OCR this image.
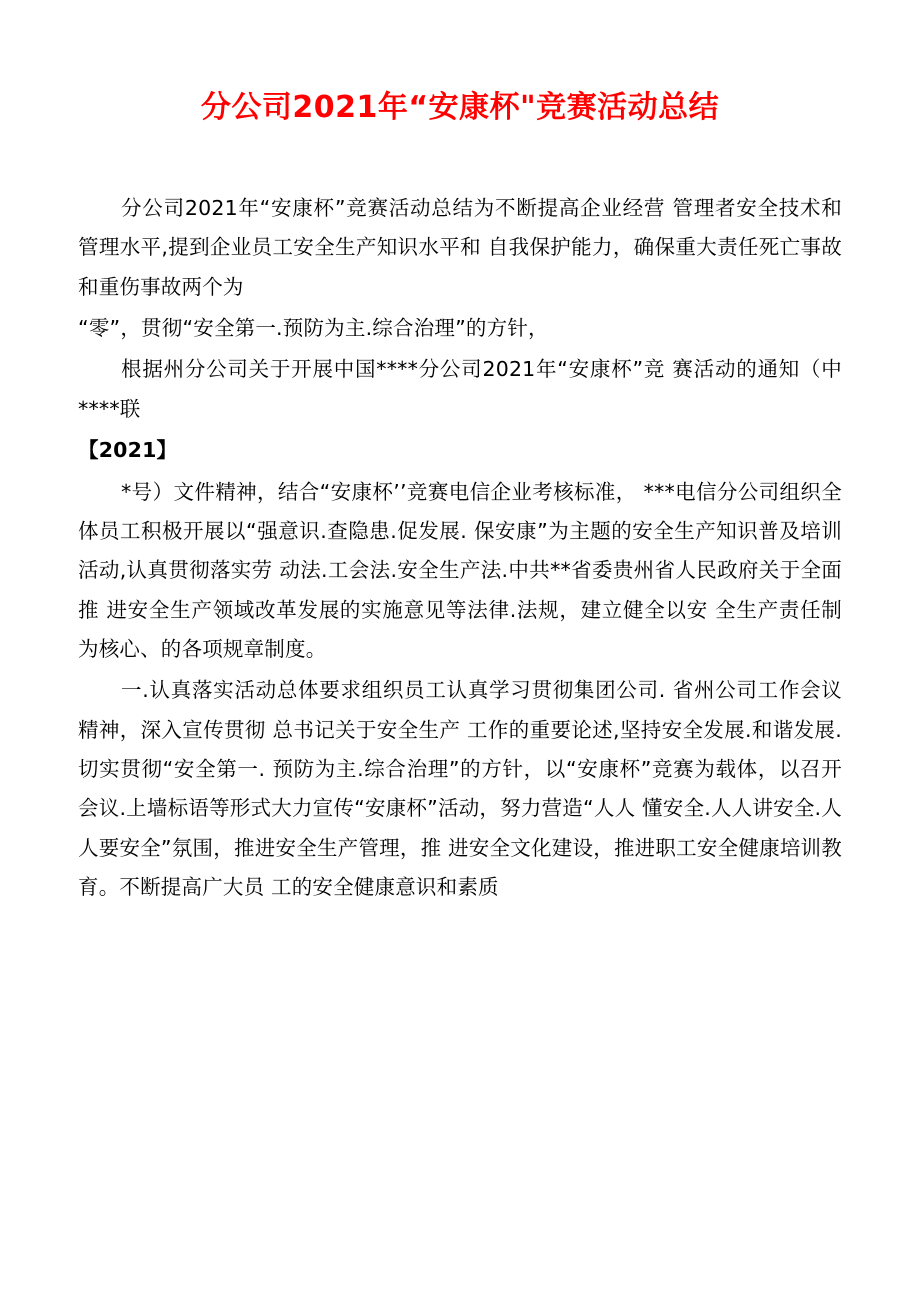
分公司2021年“安康杯"竞赛活动总结

分公司2021年“安康杯”竞赛活动总结为不断提高企业经营 管理者安全技术和管理水平,提到企业员工安全生产知识水平和 自我保护能力，确保重大责任死亡事故和重伤事故两个为

“零”，贯彻“安全第一.预防为主.综合治理”的方针，

根据州分公司关于开展中国****分公司2021年“安康杯”竞 赛活动的通知（中****联

【2021】

*号）文件精神，结合“安康杯’’竞赛电信企业考核标准， ***电信分公司组织全体员工积极开展以“强意识.查隐患.促发展. 保安康”为主题的安全生产知识普及培训活动,认真贯彻落实劳 动法.工会法.安全生产法.中共**省委贵州省人民政府关于全面推 进安全生产领域改革发展的实施意见等法律.法规，建立健全以安 全生产责任制为核心、的各项规章制度。

一.认真落实活动总体要求组织员工认真学习贯彻集团公司. 省州公司工作会议精神，深入宣传贯彻 总书记关于安全生产 工作的重要论述,坚持安全发展.和谐发展.切实贯彻“安全第一. 预防为主.综合治理”的方针，以“安康杯”竞赛为载体，以召开 会议.上墙标语等形式大力宣传“安康杯”活动，努力营造“人人 懂安全.人人讲安全.人人要安全”氛围，推进安全生产管理，推 进安全文化建设，推进职工安全健康培训教育。不断提高广大员 工的安全健康意识和素质
